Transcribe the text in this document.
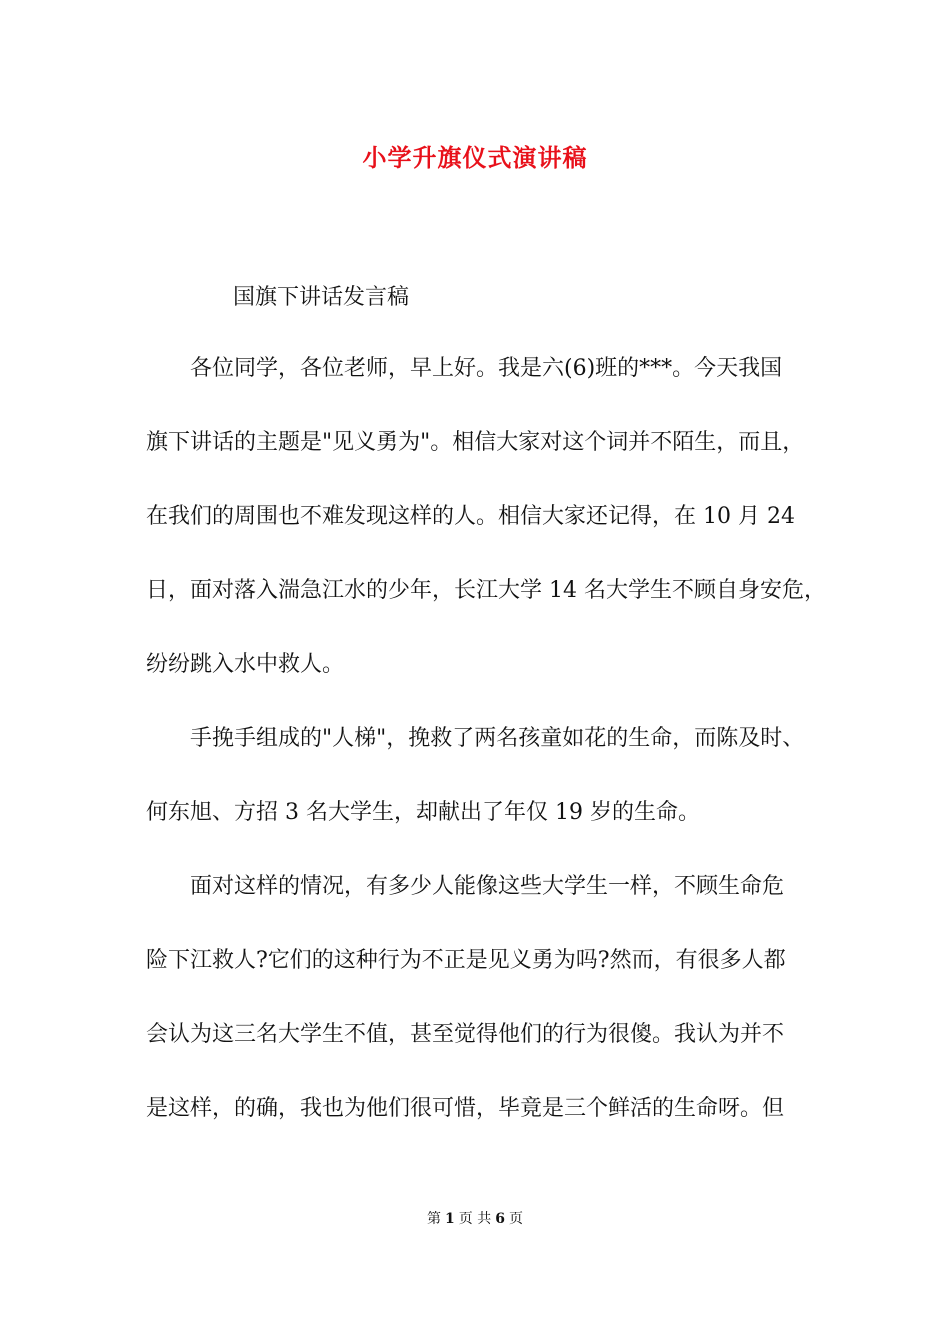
小学升旗仪式演讲稿

国旗下讲话发言稿

各位同学，各位老师，早上好。我是六(6)班的***。今天我国

旗下讲话的主题是"见义勇为"。相信大家对这个词并不陌生，而且，

在我们的周围也不难发现这样的人。相信大家还记得，在 10 月 24

日，面对落入湍急江水的少年，长江大学 14 名大学生不顾自身安危，

纷纷跳入水中救人。

手挽手组成的"人梯"，挽救了两名孩童如花的生命，而陈及时、

何东旭、方招 3 名大学生，却献出了年仅 19 岁的生命。

面对这样的情况，有多少人能像这些大学生一样，不顾生命危

险下江救人?它们的这种行为不正是见义勇为吗?然而，有很多人都

会认为这三名大学生不值，甚至觉得他们的行为很傻。我认为并不

是这样，的确，我也为他们很可惜，毕竟是三个鲜活的生命呀。但

第 1 页 共 6 页
